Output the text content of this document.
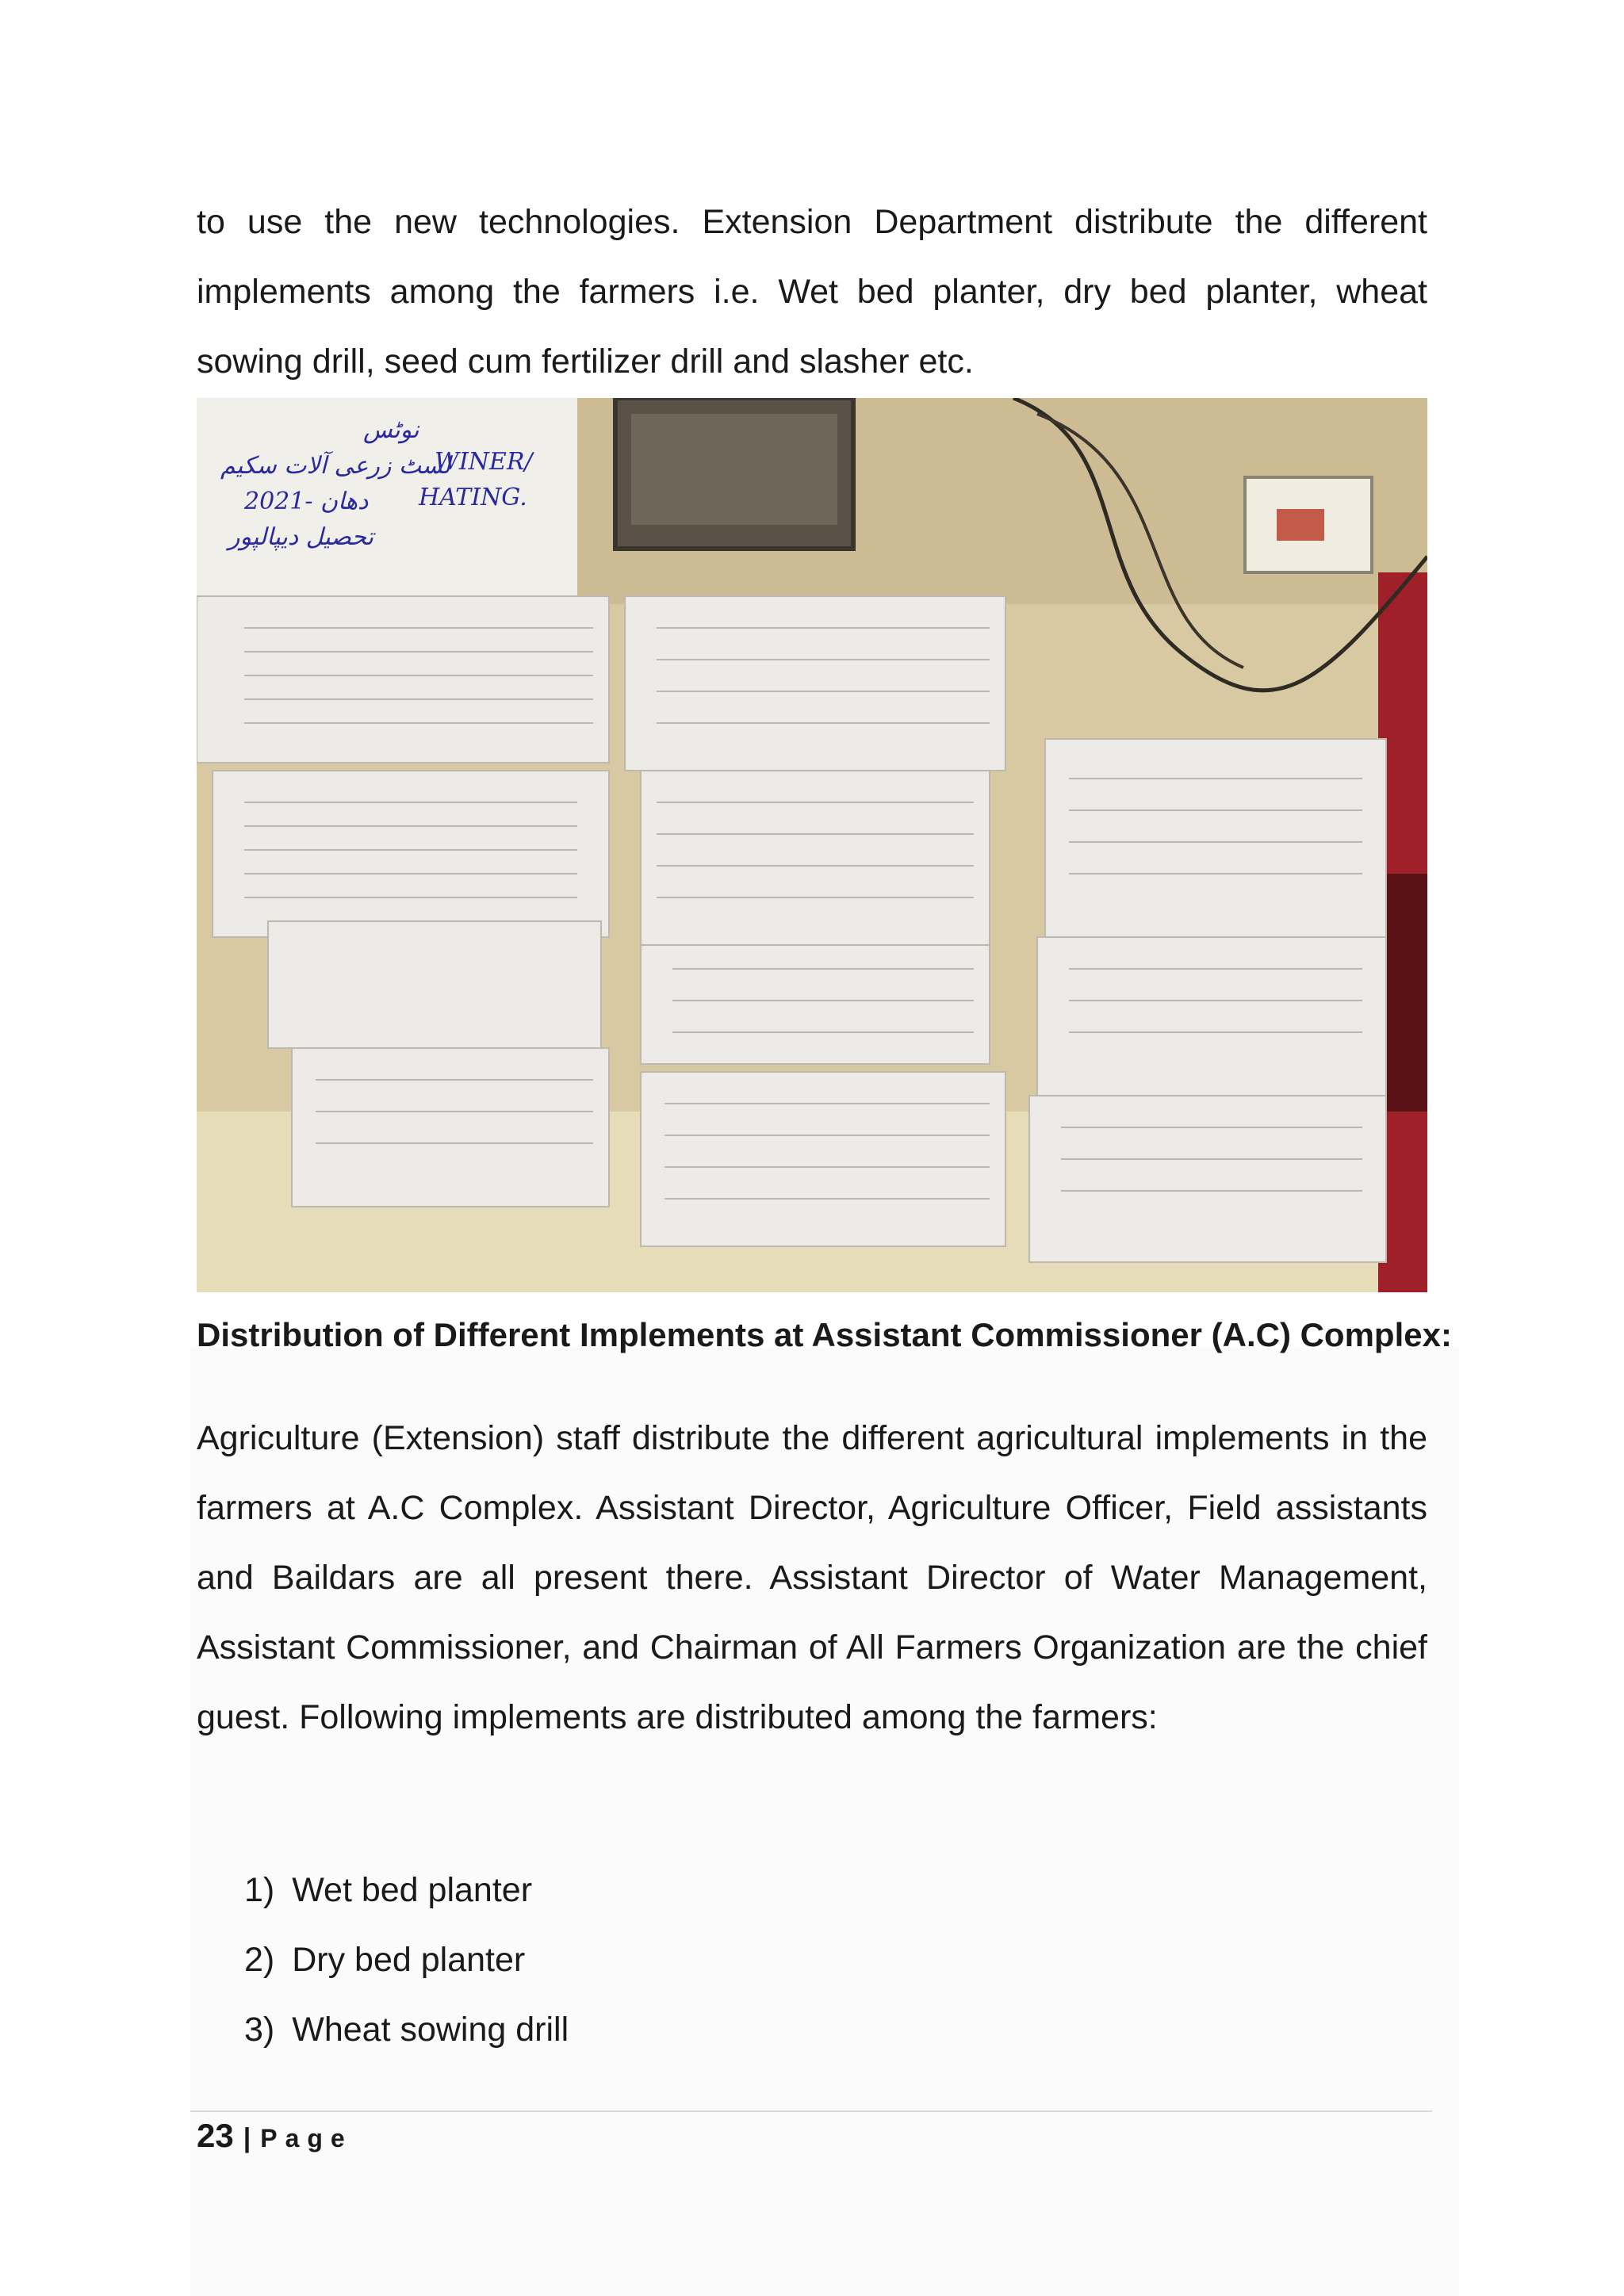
to use the new technologies. Extension Department distribute the different implements among the farmers i.e. Wet bed planter, dry bed planter, wheat sowing drill, seed cum fertilizer drill and slasher etc.

نوٹس
لسٹ زرعی آلات سکیم
WINER/
2021- دھان HATING.
تحصیل دیپالپور
Distribution of Different Implements at Assistant Commissioner (A.C) Complex:

Agriculture (Extension) staff distribute the different agricultural implements in the farmers at A.C Complex. Assistant Director, Agriculture Officer, Field assistants and Baildars are all present there. Assistant Director of Water Management, Assistant Commissioner, and Chairman of All Farmers Organization are the chief guest. Following implements are distributed among the farmers:

1) Wet bed planter
2) Dry bed planter
3) Wheat sowing drill
23 | Page
